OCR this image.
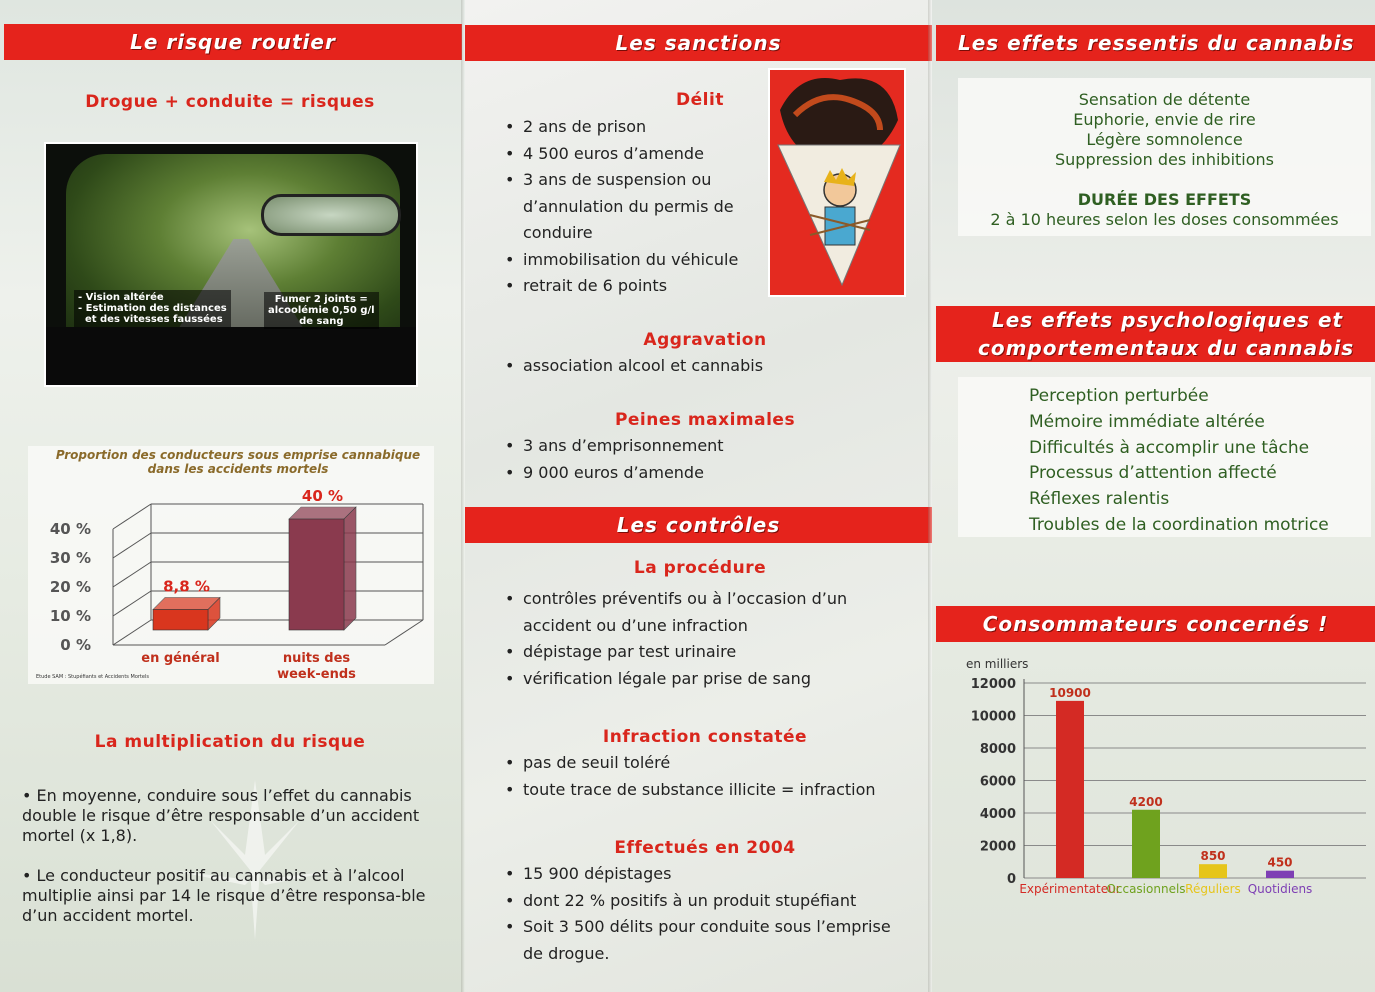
Le risque routier
Drogue + conduite = risques
- Vision altérée
- Estimation des distances
et des vitesses faussées
Fumer 2 joints =
alcoolémie 0,50 g/l
de sang
Proportion des conducteurs sous emprise cannabique dans les accidents mortels
0 %
10 %
20 %
30 %
40 %
8,8 %
en général
40 %
nuits des
week-ends
Etude SAM : Stupéfiants et Accidents Mortels
La multiplication du risque
• En moyenne, conduire sous l’effet du cannabis double le risque d’être responsable d’un accident mortel (x 1,8).
• Le conducteur positif au cannabis et à l’alcool multiplie ainsi par 14 le risque d’être responsa-ble d’un accident mortel.
Les sanctions
Délit
• 2 ans de prison
• 4 500 euros d’amende
• 3 ans de suspension ou d’annulation du permis de conduire
• immobilisation du véhicule
• retrait de 6 points
Aggravation
• association alcool et cannabis
Peines maximales
• 3 ans d’emprisonnement
• 9 000 euros d’amende
Les contrôles
La procédure
• contrôles préventifs ou à l’occasion d’un accident ou d’une infraction
• dépistage par test urinaire
• vérification légale par prise de sang
Infraction constatée
• pas de seuil toléré
• toute trace de substance illicite = infraction
Effectués en 2004
• 15 900 dépistages
• dont 22 % positifs à un produit stupéfiant
• Soit 3 500 délits pour conduite sous l’emprise de drogue.
Les effets ressentis du cannabis
Sensation de détente
Euphorie, envie de rire
Légère somnolence
Suppression des inhibitions
DURÉE DES EFFETS
2 à 10 heures selon les doses consommées
Les effets psychologiques et
comportementaux du cannabis
Perception perturbée
Mémoire immédiate altérée
Difficultés à accomplir une tâche
Processus d’attention affecté
Réflexes ralentis
Troubles de la coordination motrice
Consommateurs concernés !
en milliers
0
2000
4000
6000
8000
10000
12000
10900
Expérimentateur
4200
Occasionnels
850
Réguliers
450
Quotidiens
